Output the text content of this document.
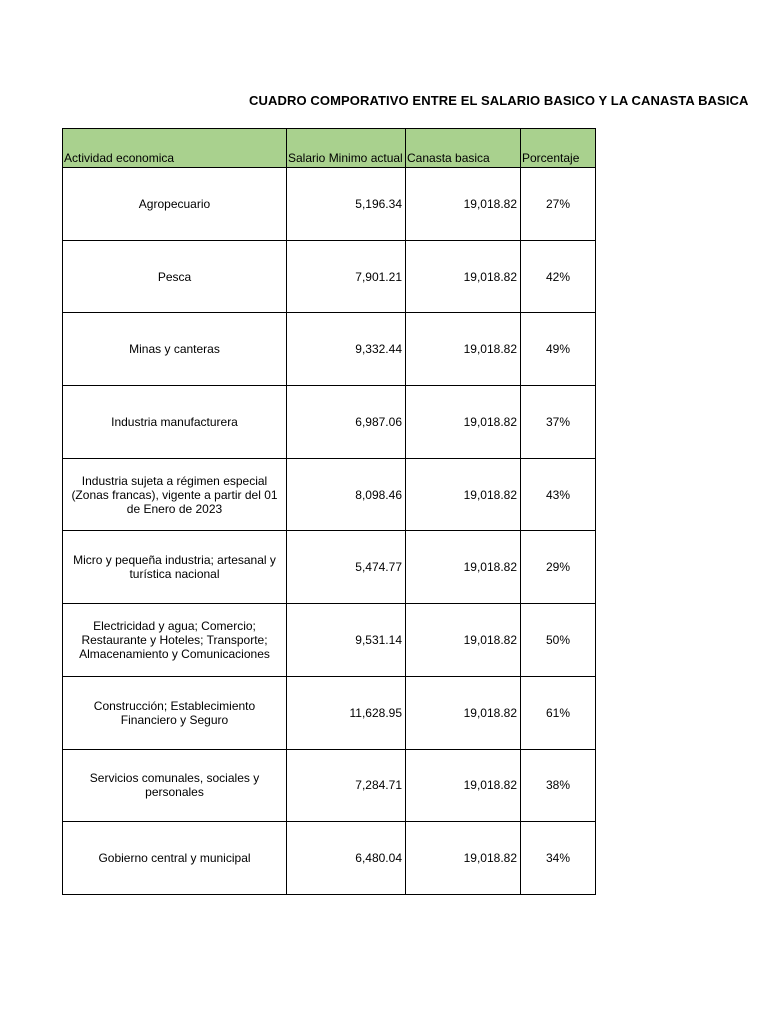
CUADRO COMPORATIVO ENTRE EL SALARIO BASICO Y LA CANASTA BASICA
Actividad economica	Salario Minimo actual	Canasta basica	Porcentaje
Agropecuario	5,196.34	19,018.82	27%
Pesca	7,901.21	19,018.82	42%
Minas y canteras	9,332.44	19,018.82	49%
Industria manufacturera	6,987.06	19,018.82	37%
Industria sujeta a régimen especial (Zonas francas), vigente a partir del 01 de Enero de 2023	8,098.46	19,018.82	43%
Micro y pequeña industria; artesanal y turística nacional	5,474.77	19,018.82	29%
Electricidad y agua; Comercio; Restaurante y Hoteles; Transporte; Almacenamiento y Comunicaciones	9,531.14	19,018.82	50%
Construcción; Establecimiento Financiero y Seguro	11,628.95	19,018.82	61%
Servicios comunales, sociales y personales	7,284.71	19,018.82	38%
Gobierno central y municipal	6,480.04	19,018.82	34%
